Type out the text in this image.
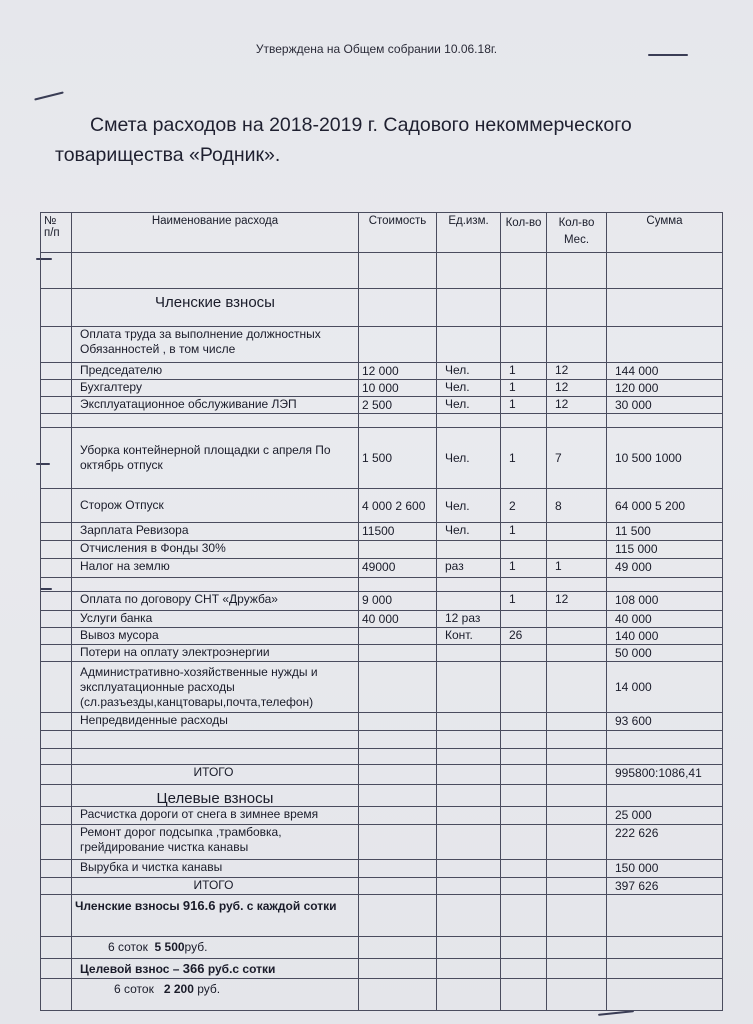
Утверждена на Общем собрании 10.06.18г.
Смета расходов на 2018-2019 г. Садового некоммерческого
товарищества «Родник».
№ п/п	Наименование расхода	Стоимость	Ед.изм.	Кол-во	Кол-во Мес.	Сумма

	Членские взносы					
	Оплата труда за выполнение должностных Обязанностей , в том числе					
	Председателю	12 000	Чел.	1	12	144 000
	Бухгалтеру	10 000	Чел.	1	12	120 000
	Эксплуатационное обслуживание ЛЭП	2 500	Чел.	1	12	30 000

	Уборка контейнерной площадки с апреля По октябрь отпуск	1 500	Чел.	1	7	10 500 1000
	Сторож Отпуск	4 000 2 600	Чел.	2	8	64 000 5 200
	Зарплата Ревизора	11500	Чел.	1		11 500
	Отчисления в Фонды 30%					115 000
	Налог на землю	49000	раз	1	1	49 000

	Оплата по договору СНТ «Дружба»	9 000		1	12	108 000
	Услуги банка	40 000	12 раз			40 000
	Вывоз мусора		Конт.	26		140 000
	Потери на оплату электроэнергии					50 000
	Административно-хозяйственные нужды и эксплуатационные расходы (сл.разъезды,канцтовары,почта,телефон)					14 000
	Непредвиденные расходы					93 600

	ИТОГО					995800:1086,41
	Целевые взносы					
	Расчистка дороги от снега в зимнее время					25 000
	Ремонт дорог подсыпка ,трамбовка, грейдирование чистка канавы					222 626
	Вырубка и чистка канавы					150 000
	ИТОГО					397 626
	Членские взносы 916.6 руб. с каждой сотки					
	6 соток 5 500руб.					
	Целевой взнос – 366 руб.с сотки					
	6 соток 2 200 руб.					
